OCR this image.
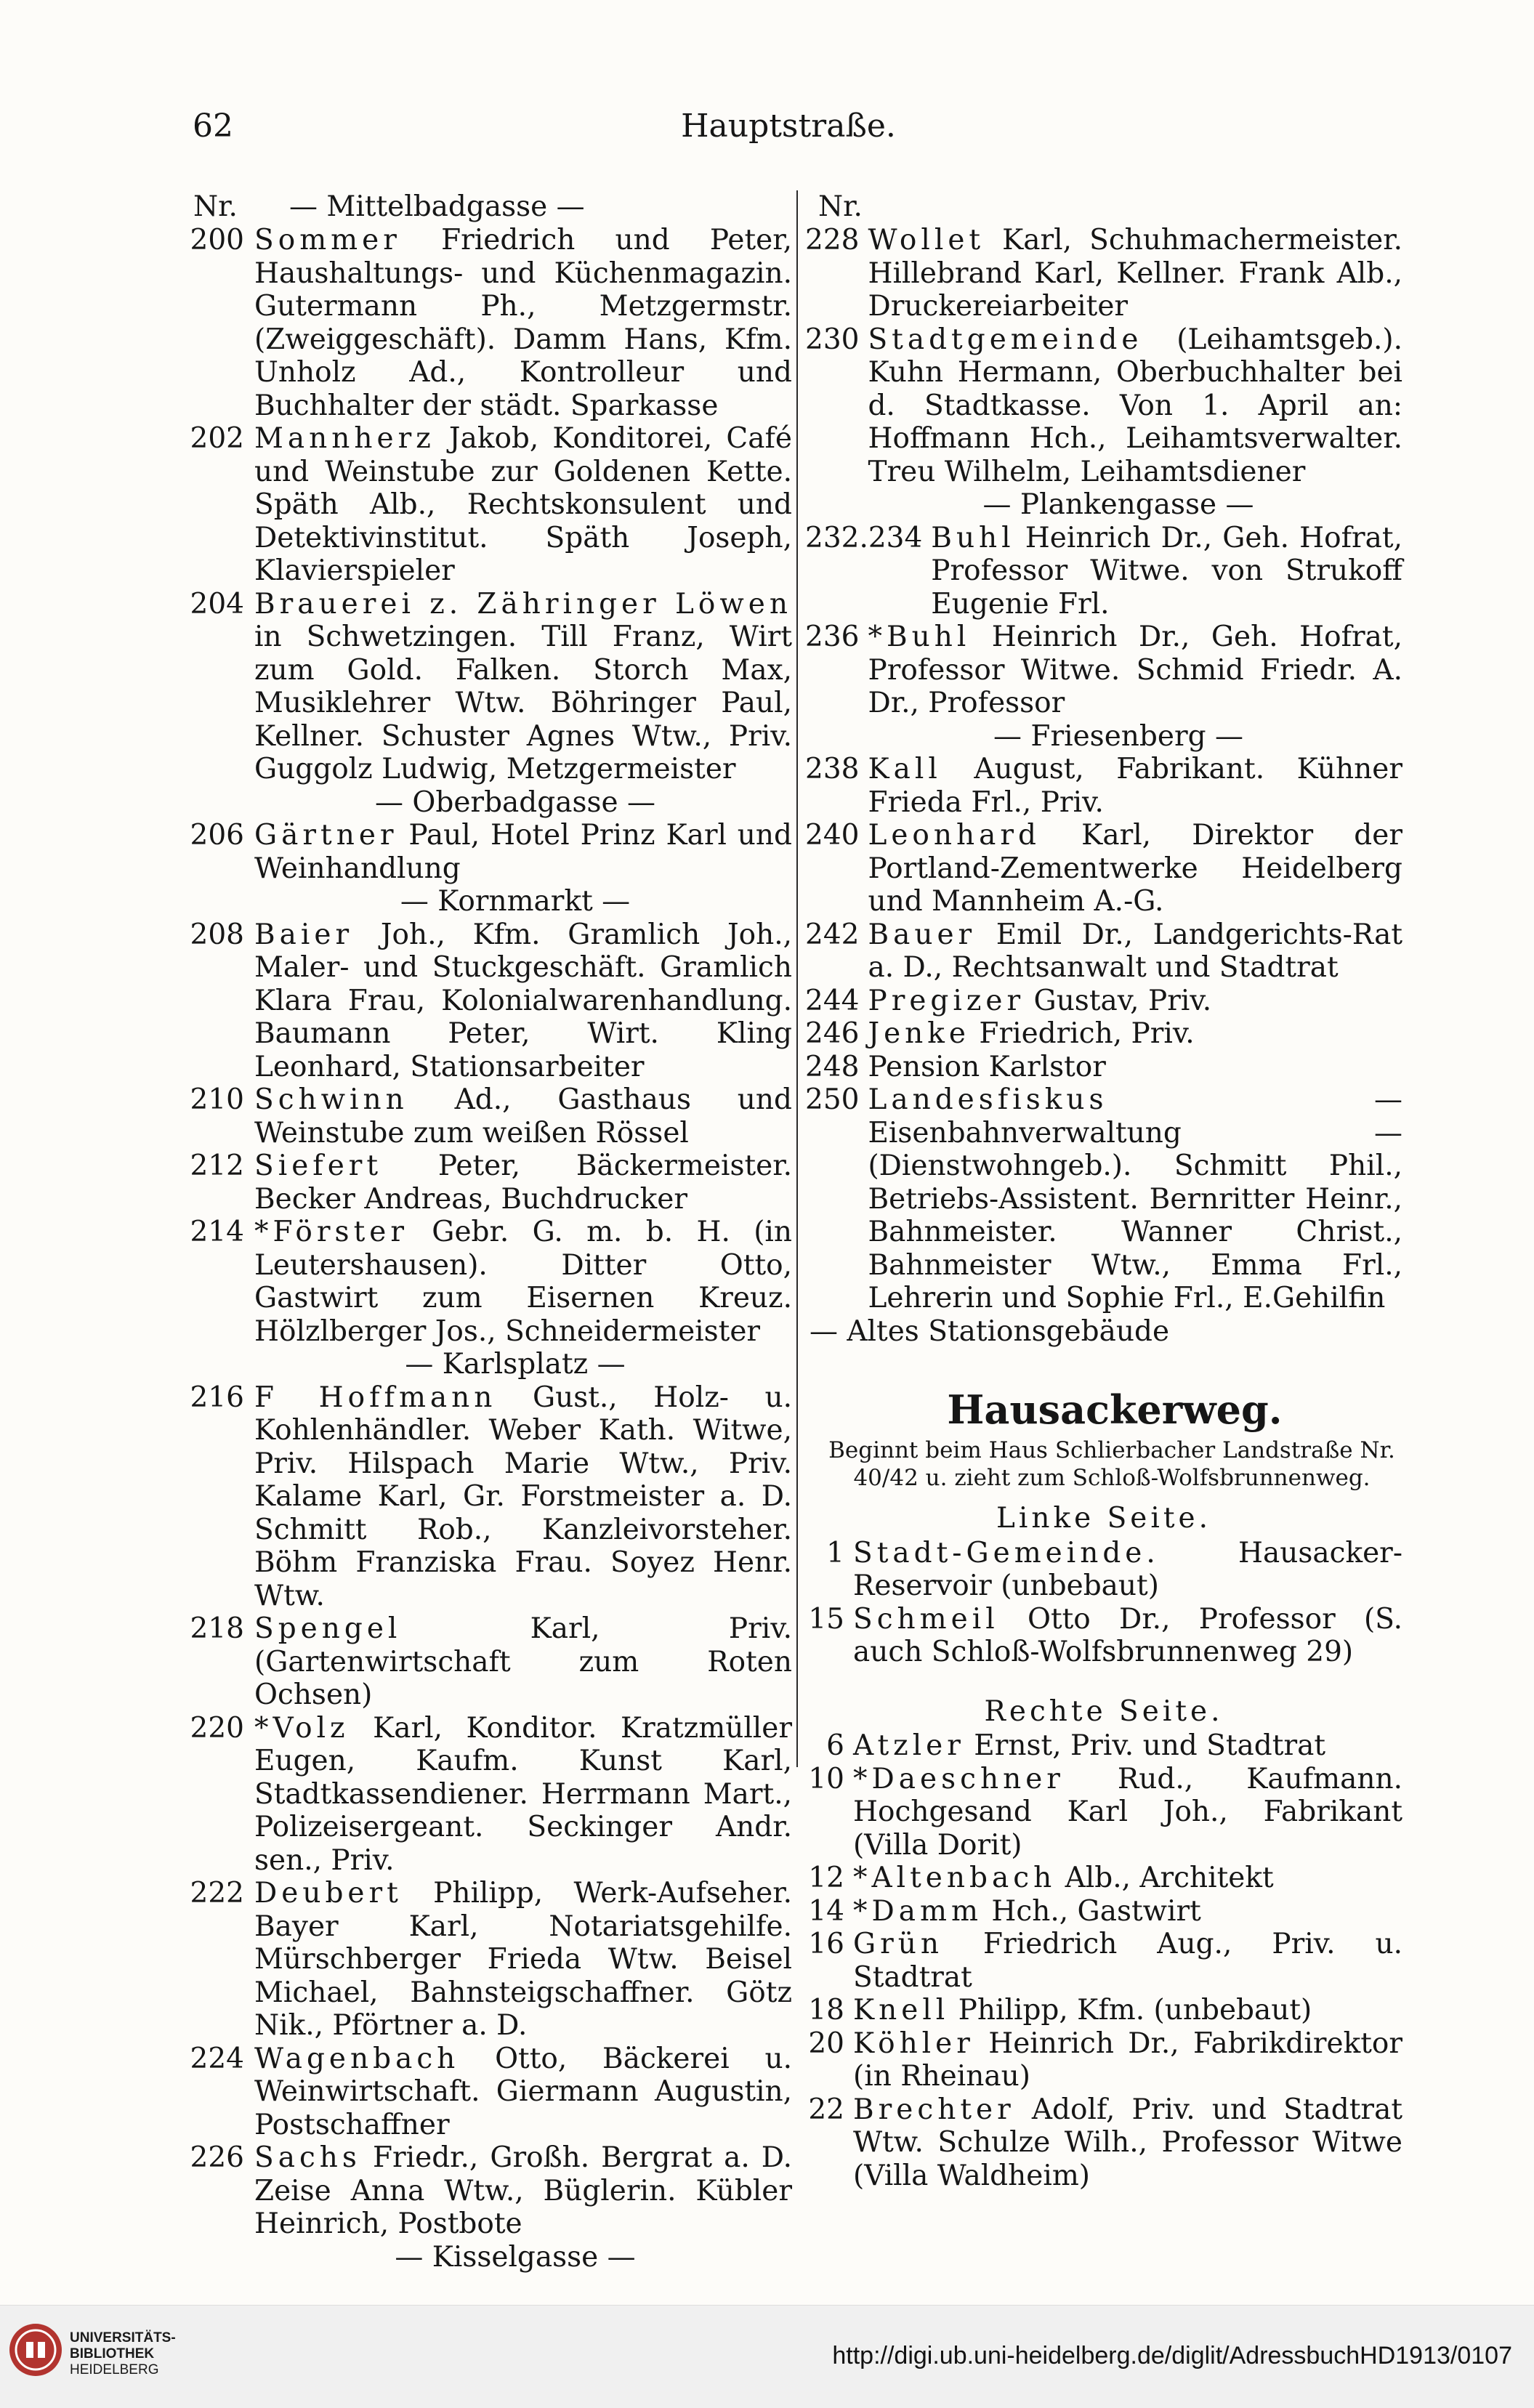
62	Hauptstraße.
Nr. — Mittelbadgasse —
200 Sommer Friedrich und Peter, Haushaltungs- und Küchenmagazin. Gutermann Ph., Metzgermstr. (Zweiggeschäft). Damm Hans, Kfm. Unholz Ad., Kontrolleur und Buchhalter der städt. Sparkasse
202 Mannherz Jakob, Konditorei, Café und Weinstube zur Goldenen Kette. Späth Alb., Rechtskonsulent und Detektivinstitut. Späth Joseph, Klavierspieler
204 Brauerei z. Zähringer Löwen in Schwetzingen. Till Franz, Wirt zum Gold. Falken. Storch Max, Musiklehrer Wtw. Böhringer Paul, Kellner. Schuster Agnes Wtw., Priv. Guggolz Ludwig, Metzgermeister
— Oberbadgasse —
206 Gärtner Paul, Hotel Prinz Karl und Weinhandlung
— Kornmarkt —
208 Baier Joh., Kfm. Gramlich Joh., Maler- und Stuckgeschäft. Gramlich Klara Frau, Kolonialwarenhandlung. Baumann Peter, Wirt. Kling Leonhard, Stationsarbeiter
210 Schwinn Ad., Gasthaus und Weinstube zum weißen Rössel
212 Siefert Peter, Bäckermeister. Becker Andreas, Buchdrucker
214 *Förster Gebr. G. m. b. H. (in Leutershausen). Ditter Otto, Gastwirt zum Eisernen Kreuz. Hölzlberger Jos., Schneidermeister
— Karlsplatz —
216 F Hoffmann Gust., Holz- u. Kohlenhändler. Weber Kath. Witwe, Priv. Hilspach Marie Wtw., Priv. Kalame Karl, Gr. Forstmeister a. D. Schmitt Rob., Kanzleivorsteher. Böhm Franziska Frau. Soyez Henr. Wtw.
218 Spengel Karl, Priv. (Gartenwirtschaft zum Roten Ochsen)
220 *Volz Karl, Konditor. Kratzmüller Eugen, Kaufm. Kunst Karl, Stadtkassendiener. Herrmann Mart., Polizeisergeant. Seckinger Andr. sen., Priv.
222 Deubert Philipp, Werk-Aufseher. Bayer Karl, Notariatsgehilfe. Mürschberger Frieda Wtw. Beisel Michael, Bahnsteigschaffner. Götz Nik., Pförtner a. D.
224 Wagenbach Otto, Bäckerei u. Weinwirtschaft. Giermann Augustin, Postschaffner
226 Sachs Friedr., Großh. Bergrat a. D. Zeise Anna Wtw., Büglerin. Kübler Heinrich, Postbote
— Kisselgasse —
Nr.
228 Wollet Karl, Schuhmachermeister. Hillebrand Karl, Kellner. Frank Alb., Druckereiarbeiter
230 Stadtgemeinde (Leihamtsgeb.). Kuhn Hermann, Oberbuchhalter bei d. Stadtkasse. Von 1. April an: Hoffmann Hch., Leihamtsverwalter. Treu Wilhelm, Leihamtsdiener
— Plankengasse —
232.234 Buhl Heinrich Dr., Geh. Hofrat, Professor Witwe. von Strukoff Eugenie Frl.
236 *Buhl Heinrich Dr., Geh. Hofrat, Professor Witwe. Schmid Friedr. A. Dr., Professor
— Friesenberg —
238 Kall August, Fabrikant. Kühner Frieda Frl., Priv.
240 Leonhard Karl, Direktor der Portland-Zementwerke Heidelberg und Mannheim A.-G.
242 Bauer Emil Dr., Landgerichts-Rat a. D., Rechtsanwalt und Stadtrat
244 Pregizer Gustav, Priv.
246 Jenke Friedrich, Priv.
248 Pension Karlstor
250 Landesfiskus — Eisenbahnverwaltung — (Dienstwohngeb.). Schmitt Phil., Betriebs-Assistent. Bernritter Heinr., Bahnmeister. Wanner Christ., Bahnmeister Wtw., Emma Frl., Lehrerin und Sophie Frl., E.Gehilfin
— Altes Stationsgebäude
Hausackerweg.
Beginnt beim Haus Schlierbacher Landstraße Nr. 40/42 u. zieht zum Schloß-Wolfsbrunnenweg.
Linke Seite.
1 Stadt-Gemeinde. Hausacker-Reservoir (unbebaut)
15 Schmeil Otto Dr., Professor (S. auch Schloß-Wolfsbrunnenweg 29)
Rechte Seite.
6 Atzler Ernst, Priv. und Stadtrat
10 *Daeschner Rud., Kaufmann. Hochgesand Karl Joh., Fabrikant (Villa Dorit)
12 *Altenbach Alb., Architekt
14 *Damm Hch., Gastwirt
16 Grün Friedrich Aug., Priv. u. Stadtrat
18 Knell Philipp, Kfm. (unbebaut)
20 Köhler Heinrich Dr., Fabrikdirektor (in Rheinau)
22 Brechter Adolf, Priv. und Stadtrat Wtw. Schulze Wilh., Professor Witwe (Villa Waldheim)
UNIVERSITÄTS-
BIBLIOTHEK
HEIDELBERG
http://digi.ub.uni-heidelberg.de/diglit/AdressbuchHD1913/0107
